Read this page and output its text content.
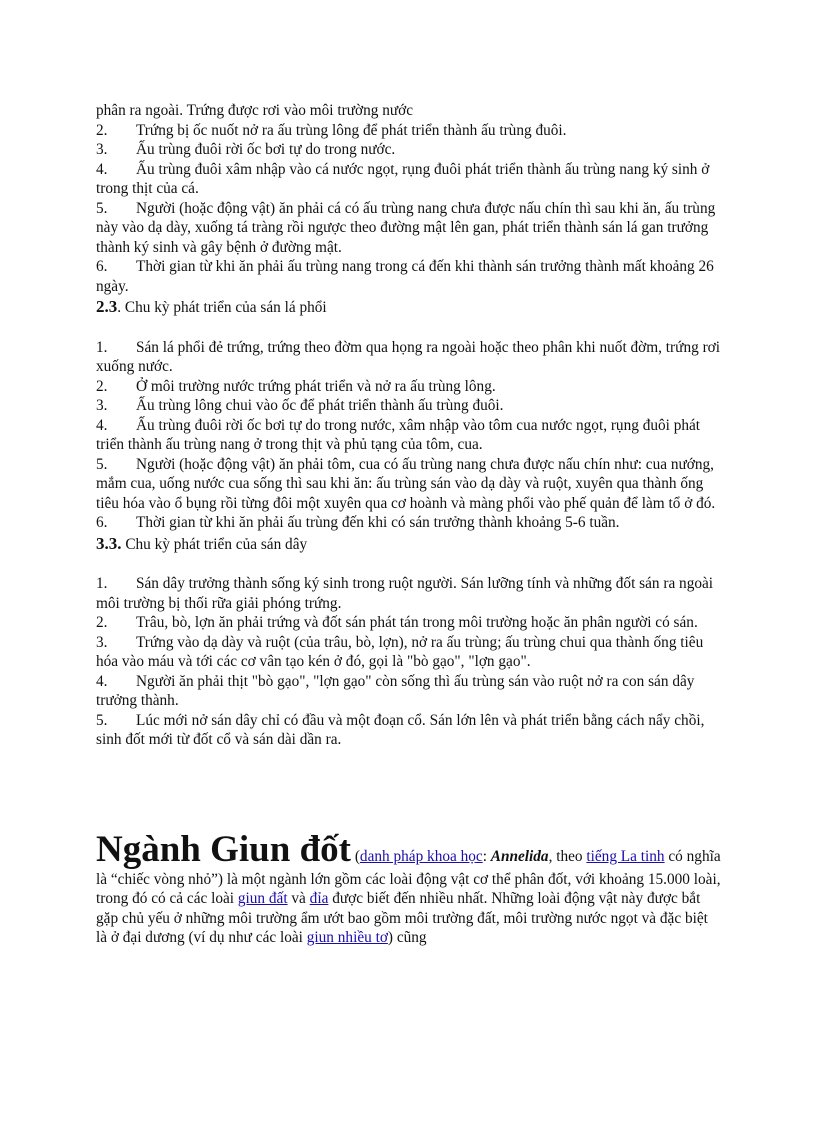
phân ra ngoài. Trứng được rơi vào môi trường nước

2. Trứng bị ốc nuốt nở ra ấu trùng lông để phát triển thành ấu trùng đuôi.

3. Ấu trùng đuôi rời ốc bơi tự do trong nước.

4. Ấu trùng đuôi xâm nhập vào cá nước ngọt, rụng đuôi phát triển thành ấu trùng nang ký sinh ở trong thịt của cá.

5. Người (hoặc động vật) ăn phải cá có ấu trùng nang chưa được nấu chín thì sau khi ăn, ấu trùng này vào dạ dày, xuống tá tràng rồi ngược theo đường mật lên gan, phát triển thành sán lá gan trưởng thành ký sinh và gây bệnh ở đường mật.

6. Thời gian từ khi ăn phải ấu trùng nang trong cá đến khi thành sán trưởng thành mất khoảng 26 ngày.

2.3. Chu kỳ phát triển của sán lá phổi

1. Sán lá phổi đẻ trứng, trứng theo đờm qua họng ra ngoài hoặc theo phân khi nuốt đờm, trứng rơi xuống nước.

2. Ở môi trường nước trứng phát triển và nở ra ấu trùng lông.

3. Ấu trùng lông chui vào ốc để phát triển thành ấu trùng đuôi.

4. Ấu trùng đuôi rời ốc bơi tự do trong nước, xâm nhập vào tôm cua nước ngọt, rụng đuôi phát triển thành ấu trùng nang ở trong thịt và phủ tạng của tôm, cua.

5. Người (hoặc động vật) ăn phải tôm, cua có ấu trùng nang chưa được nấu chín như: cua nướng, mắm cua, uống nước cua sống thì sau khi ăn: ấu trùng sán vào dạ dày và ruột, xuyên qua thành ống tiêu hóa vào ổ bụng rồi từng đôi một xuyên qua cơ hoành và màng phổi vào phế quản để làm tổ ở đó.

6. Thời gian từ khi ăn phải ấu trùng đến khi có sán trưởng thành khoảng 5-6 tuần.

3.3. Chu kỳ phát triển của sán dây

1. Sán dây trưởng thành sống ký sinh trong ruột người. Sán lưỡng tính và những đốt sán ra ngoài môi trường bị thối rữa giải phóng trứng.

2. Trâu, bò, lợn ăn phải trứng và đốt sán phát tán trong môi trường hoặc ăn phân người có sán.

3. Trứng vào dạ dày và ruột (của trâu, bò, lợn), nở ra ấu trùng; ấu trùng chui qua thành ống tiêu hóa vào máu và tới các cơ vân tạo kén ở đó, gọi là "bò gạo", "lợn gạo".

4. Người ăn phải thịt "bò gạo", "lợn gạo" còn sống thì ấu trùng sán vào ruột nở ra con sán dây trưởng thành.

5. Lúc mới nở sán dây chỉ có đầu và một đoạn cổ. Sán lớn lên và phát triển bằng cách nẩy chồi, sinh đốt mới từ đốt cổ và sán dài dần ra.

Ngành Giun đốt (danh pháp khoa học: Annelida, theo tiếng La tinh có nghĩa là “chiếc vòng nhỏ”) là một ngành lớn gồm các loài động vật cơ thể phân đốt, với khoảng 15.000 loài, trong đó có cả các loài giun đất và đỉa được biết đến nhiều nhất. Những loài động vật này được bắt gặp chủ yếu ở những môi trường ẩm ướt bao gồm môi trường đất, môi trường nước ngọt và đặc biệt là ở đại dương (ví dụ như các loài giun nhiều tơ) cũng
